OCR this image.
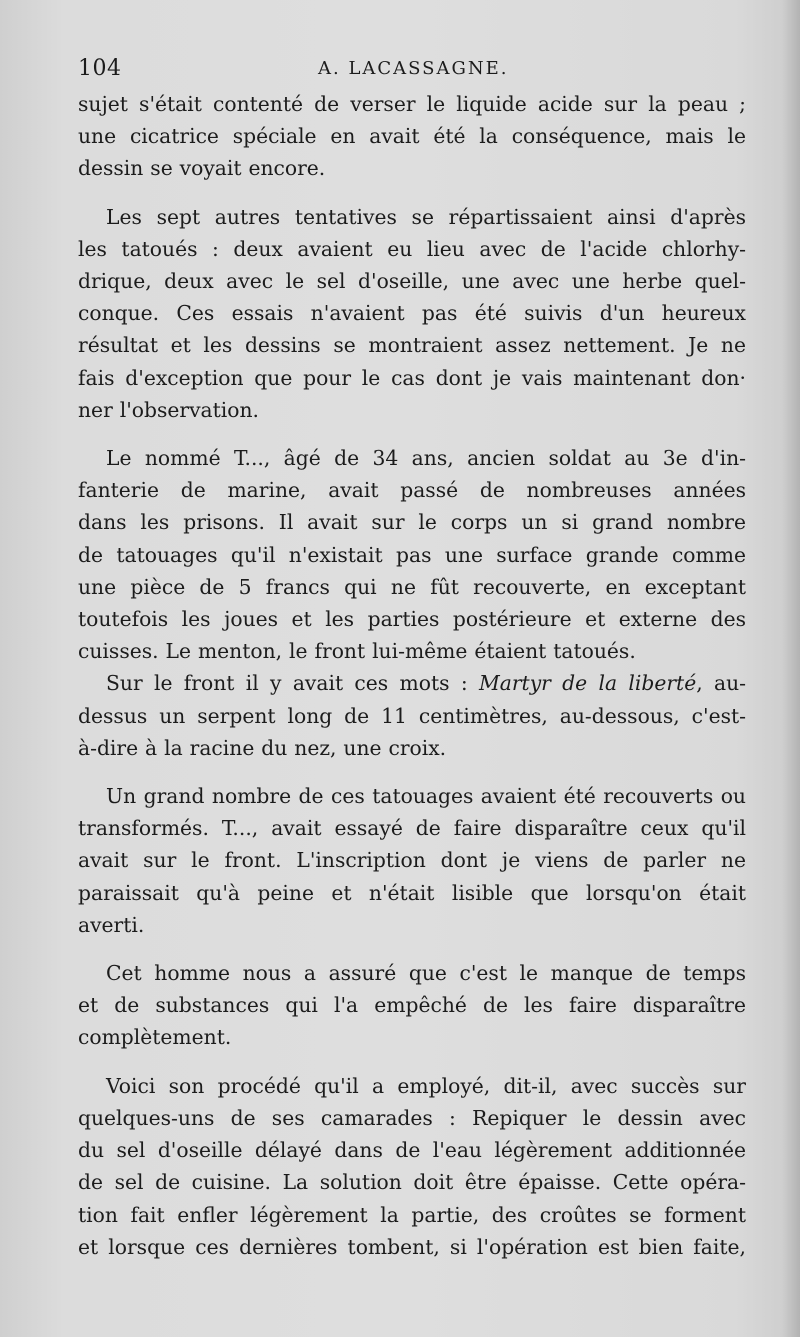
104	A. LACASSAGNE.

sujet s'était contenté de verser le liquide acide sur la peau ;
une cicatrice spéciale en avait été la conséquence, mais le
dessin se voyait encore.

Les sept autres tentatives se répartissaient ainsi d'après
les tatoués : deux avaient eu lieu avec de l'acide chlorhy-
drique, deux avec le sel d'oseille, une avec une herbe quel-
conque. Ces essais n'avaient pas été suivis d'un heureux
résultat et les dessins se montraient assez nettement. Je ne
fais d'exception que pour le cas dont je vais maintenant don·
ner l'observation.

Le nommé T..., âgé de 34 ans, ancien soldat au 3e d'in-
fanterie de marine, avait passé de nombreuses années
dans les prisons. Il avait sur le corps un si grand nombre
de tatouages qu'il n'existait pas une surface grande comme
une pièce de 5 francs qui ne fût recouverte, en exceptant
toutefois les joues et les parties postérieure et externe des
cuisses. Le menton, le front lui-même étaient tatoués.

Sur le front il y avait ces mots : Martyr de la liberté, au-
dessus un serpent long de 11 centimètres, au-dessous, c'est-
à-dire à la racine du nez, une croix.

Un grand nombre de ces tatouages avaient été recouverts ou
transformés. T..., avait essayé de faire disparaître ceux qu'il
avait sur le front. L'inscription dont je viens de parler ne
paraissait qu'à peine et n'était lisible que lorsqu'on était
averti.

Cet homme nous a assuré que c'est le manque de temps
et de substances qui l'a empêché de les faire disparaître
complètement.

Voici son procédé qu'il a employé, dit-il, avec succès sur
quelques-uns de ses camarades : Repiquer le dessin avec
du sel d'oseille délayé dans de l'eau légèrement additionnée
de sel de cuisine. La solution doit être épaisse. Cette opéra-
tion fait enfler légèrement la partie, des croûtes se forment
et lorsque ces dernières tombent, si l'opération est bien faite,
